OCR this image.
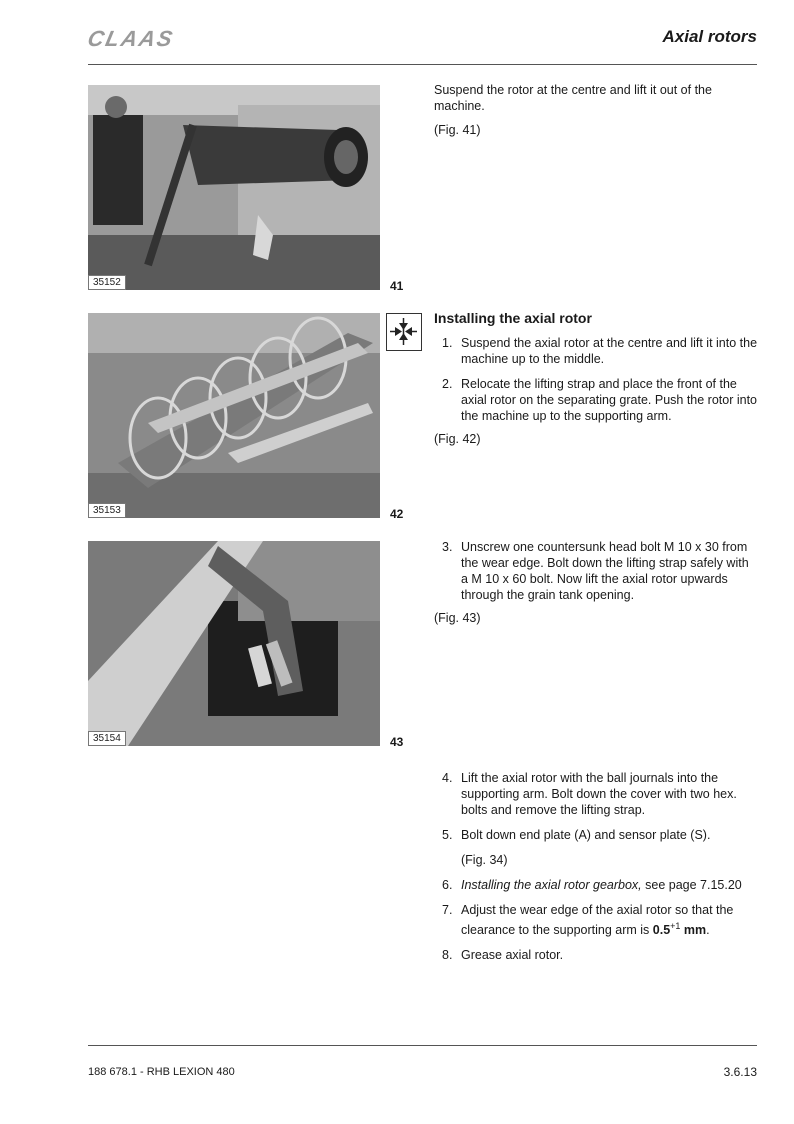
CLAAS	Axial rotors
35152	41
35153	42
35154	43
Suspend the rotor at the centre and lift it out of the machine.
(Fig. 41)
Installing the axial rotor
1. Suspend the axial rotor at the centre and lift it into the machine up to the middle.
2. Relocate the lifting strap and place the front of the axial rotor on the separating grate. Push the rotor into the machine up to the supporting arm.
(Fig. 42)
3. Unscrew one countersunk head bolt M 10 x 30 from the wear edge. Bolt down the lifting strap safely with a M 10 x 60 bolt. Now lift the axial rotor upwards through the grain tank opening.
(Fig. 43)
4. Lift the axial rotor with the ball journals into the supporting arm. Bolt down the cover with two hex. bolts and remove the lifting strap.
5. Bolt down end plate (A) and sensor plate (S).
(Fig. 34)
6. Installing the axial rotor gearbox, see page 7.15.20
7. Adjust the wear edge of the axial rotor so that the clearance to the supporting arm is $0.5^{+1}$ mm.
8. Grease axial rotor.
188 678.1 - RHB LEXION 480	3.6.13
